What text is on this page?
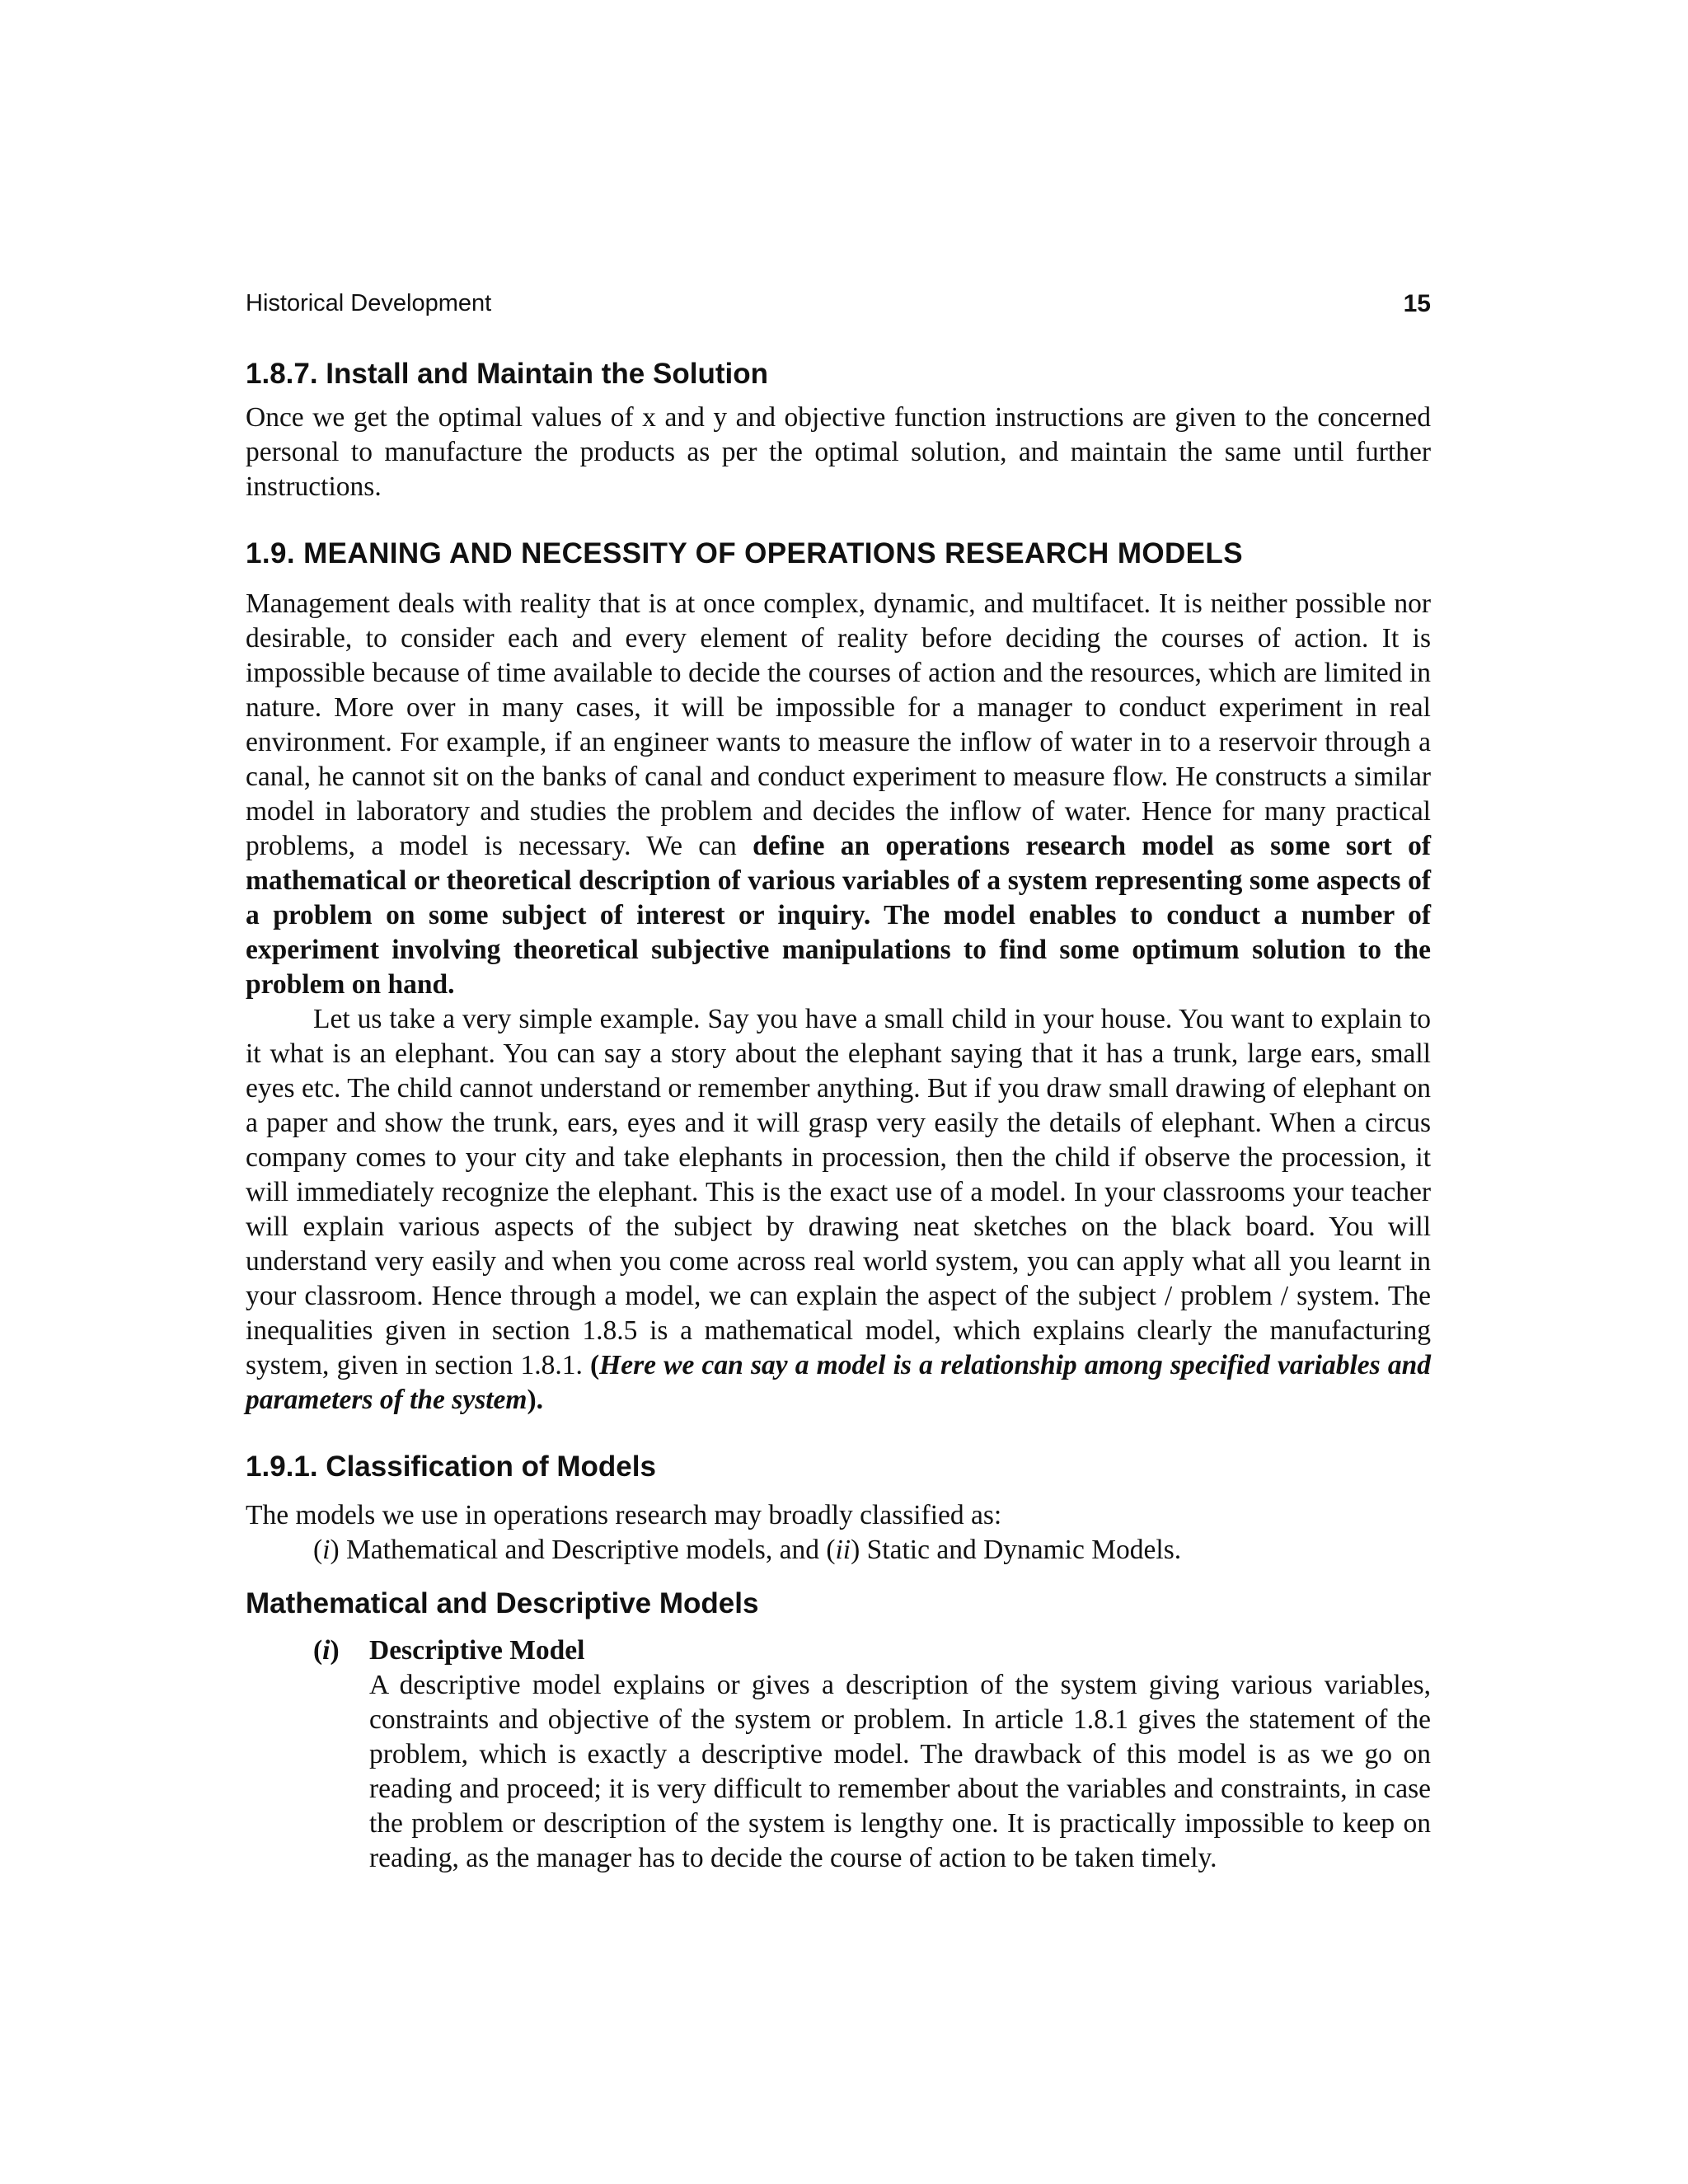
Historical Development	15
1.8.7. Install and Maintain the Solution

Once we get the optimal values of x and y and objective function instructions are given to the concerned personal to manufacture the products as per the optimal solution, and maintain the same until further instructions.

1.9. MEANING AND NECESSITY OF OPERATIONS RESEARCH MODELS

Management deals with reality that is at once complex, dynamic, and multifacet. It is neither possible nor desirable, to consider each and every element of reality before deciding the courses of action. It is impossible because of time available to decide the courses of action and the resources, which are limited in nature. More over in many cases, it will be impossible for a manager to conduct experiment in real environment. For example, if an engineer wants to measure the inflow of water in to a reservoir through a canal, he cannot sit on the banks of canal and conduct experiment to measure flow. He constructs a similar model in laboratory and studies the problem and decides the inflow of water. Hence for many practical problems, a model is necessary. We can define an operations research model as some sort of mathematical or theoretical description of various variables of a system representing some aspects of a problem on some subject of interest or inquiry. The model enables to conduct a number of experiment involving theoretical subjective manipulations to find some optimum solution to the problem on hand.

Let us take a very simple example. Say you have a small child in your house. You want to explain to it what is an elephant. You can say a story about the elephant saying that it has a trunk, large ears, small eyes etc. The child cannot understand or remember anything. But if you draw small drawing of elephant on a paper and show the trunk, ears, eyes and it will grasp very easily the details of elephant. When a circus company comes to your city and take elephants in procession, then the child if observe the procession, it will immediately recognize the elephant. This is the exact use of a model. In your classrooms your teacher will explain various aspects of the subject by drawing neat sketches on the black board. You will understand very easily and when you come across real world system, you can apply what all you learnt in your classroom. Hence through a model, we can explain the aspect of the subject / problem / system. The inequalities given in section 1.8.5 is a mathematical model, which explains clearly the manufacturing system, given in section 1.8.1. (Here we can say a model is a relationship among specified variables and parameters of the system).

1.9.1. Classification of Models

The models we use in operations research may broadly classified as:

(i) Mathematical and Descriptive models, and (ii) Static and Dynamic Models.

Mathematical and Descriptive Models
(i) Descriptive Model

A descriptive model explains or gives a description of the system giving various variables, constraints and objective of the system or problem. In article 1.8.1 gives the statement of the problem, which is exactly a descriptive model. The drawback of this model is as we go on reading and proceed; it is very difficult to remember about the variables and constraints, in case the problem or description of the system is lengthy one. It is practically impossible to keep on reading, as the manager has to decide the course of action to be taken timely.
